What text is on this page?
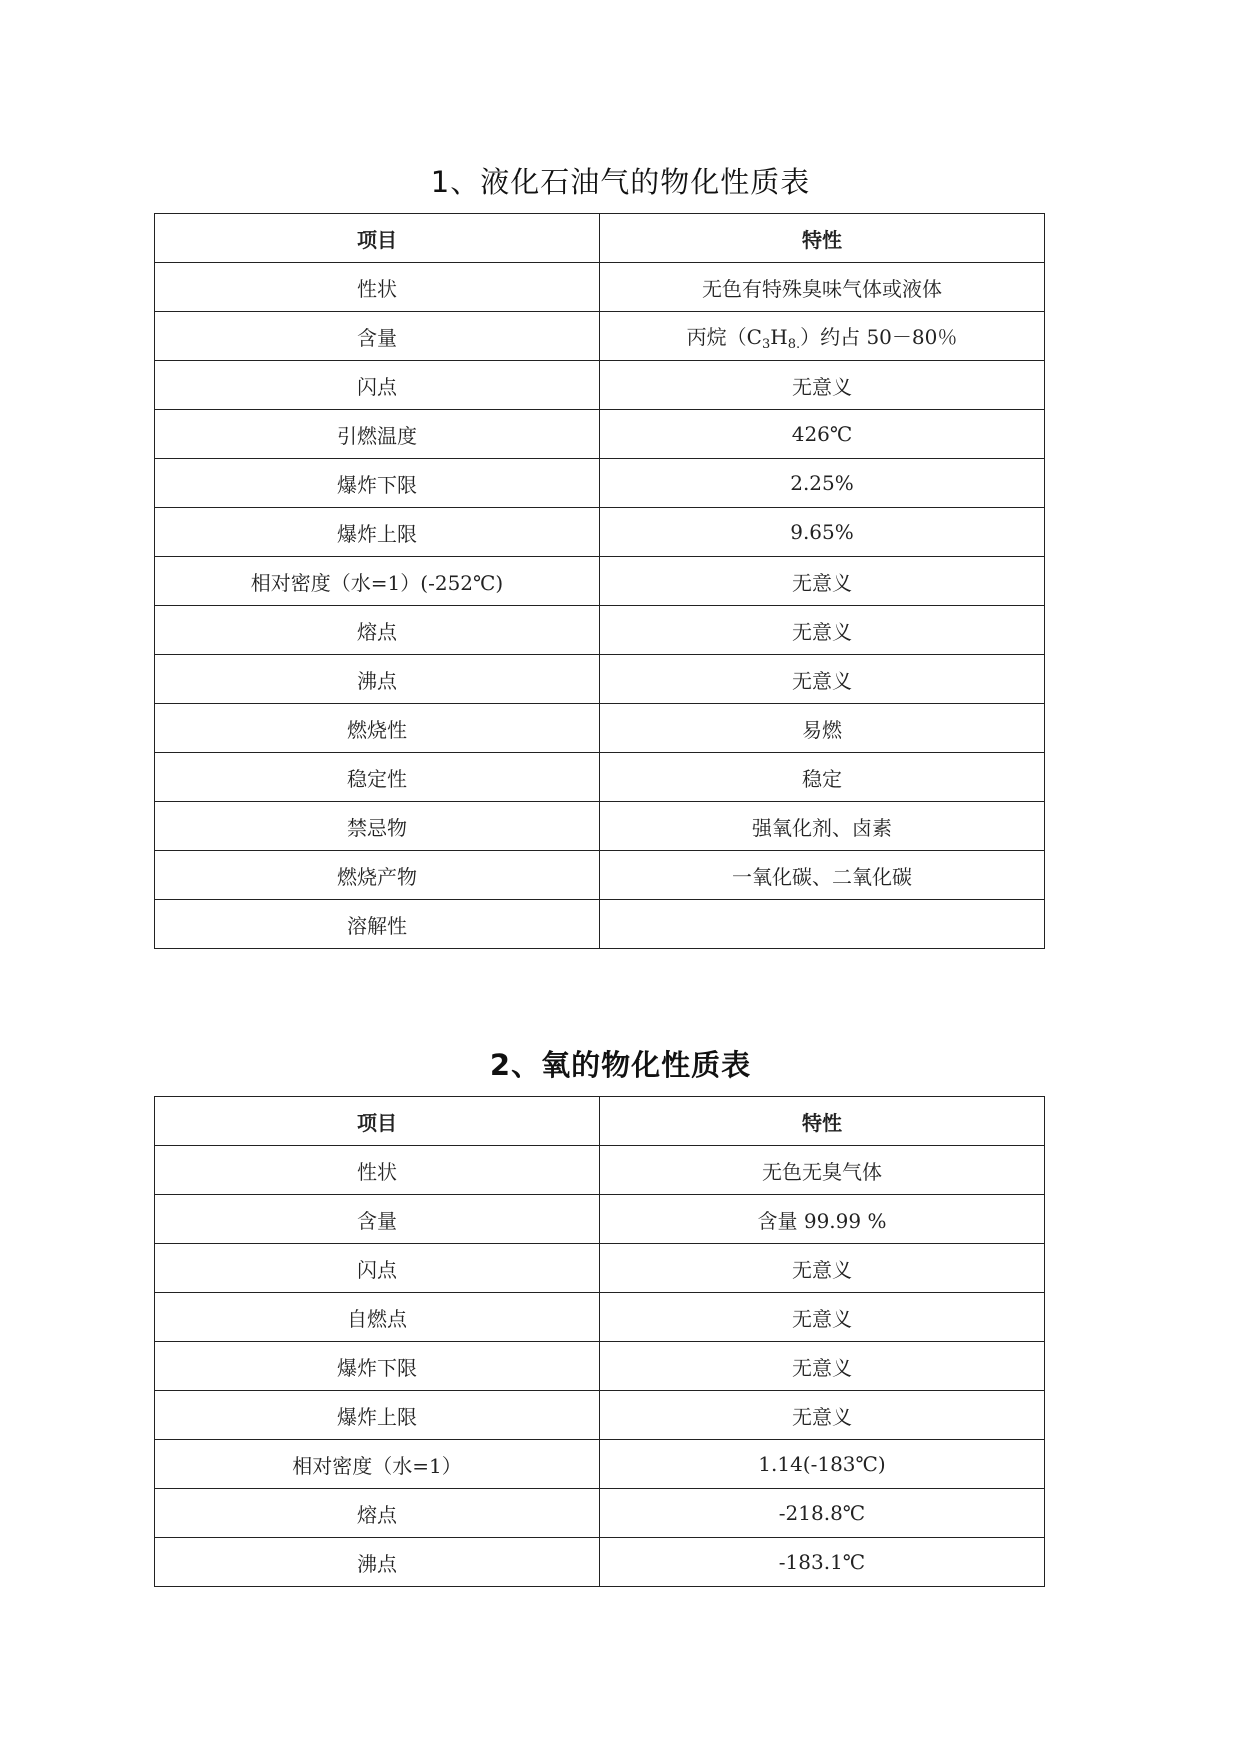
1、液化石油气的物化性质表
项目	特性
性状	无色有特殊臭味气体或液体
含量	丙烷$(C_3H_{8.})$约占 50－80％
闪点	无意义
引燃温度	426℃
爆炸下限	2.25%
爆炸上限	9.65%
相对密度（水=1）(-252℃)	无意义
熔点	无意义
沸点	无意义
燃烧性	易燃
稳定性	稳定
禁忌物	强氧化剂、卤素
燃烧产物	一氧化碳、二氧化碳
溶解性	
2、氧的物化性质表
项目	特性
性状	无色无臭气体
含量	含量 99.99 %
闪点	无意义
自燃点	无意义
爆炸下限	无意义
爆炸上限	无意义
相对密度（水=1）	1.14(-183℃)
熔点	-218.8℃
沸点	-183.1℃
